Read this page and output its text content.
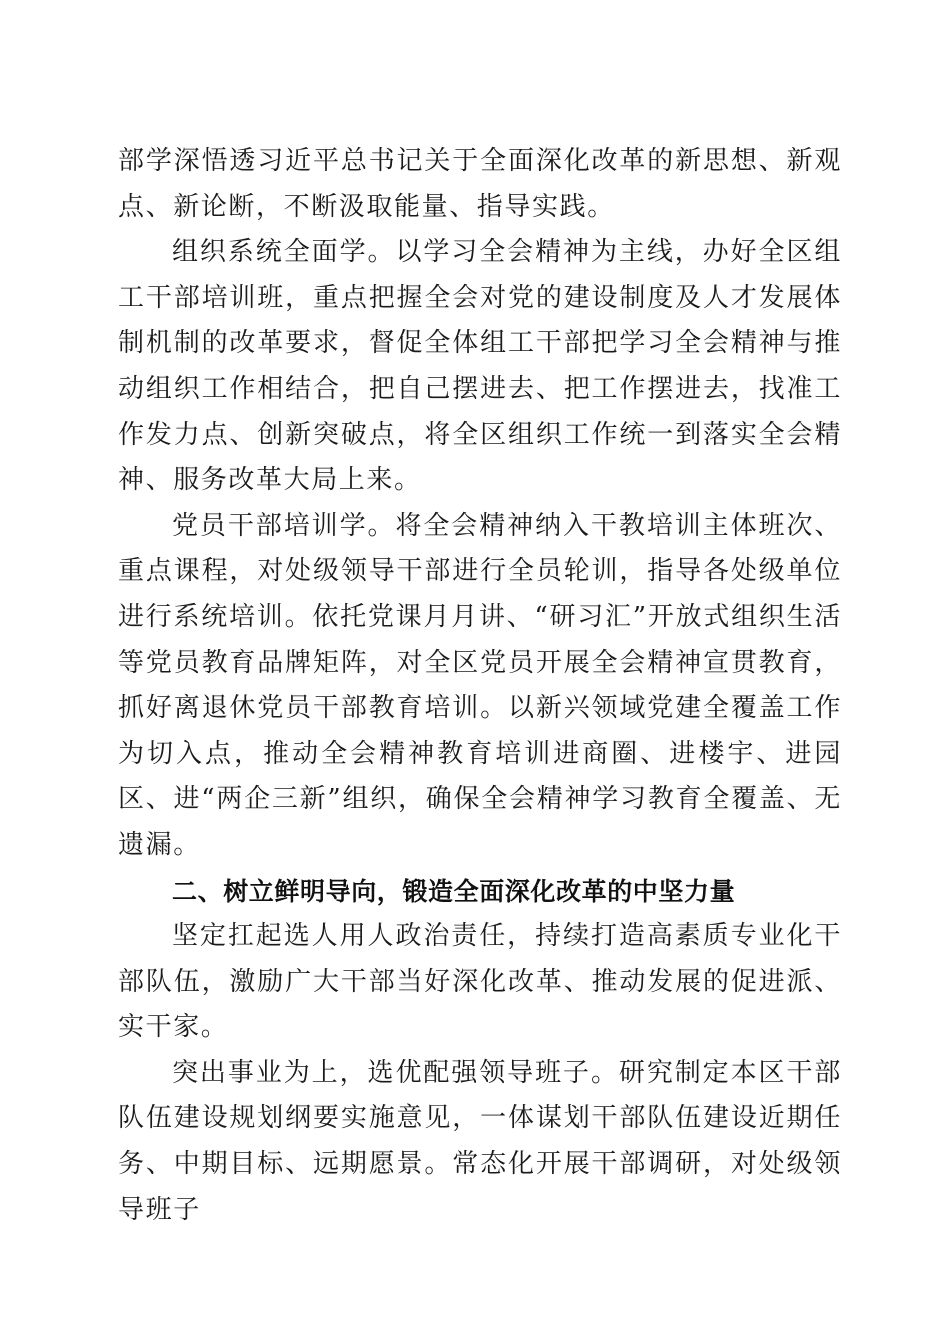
部学深悟透习近平总书记关于全面深化改革的新思想、新观点、新论断，不断汲取能量、指导实践。

组织系统全面学。以学习全会精神为主线，办好全区组工干部培训班，重点把握全会对党的建设制度及人才发展体制机制的改革要求，督促全体组工干部把学习全会精神与推动组织工作相结合，把自己摆进去、把工作摆进去，找准工作发力点、创新突破点，将全区组织工作统一到落实全会精神、服务改革大局上来。

党员干部培训学。将全会精神纳入干教培训主体班次、重点课程，对处级领导干部进行全员轮训，指导各处级单位进行系统培训。依托党课月月讲、“研习汇”开放式组织生活等党员教育品牌矩阵，对全区党员开展全会精神宣贯教育，抓好离退休党员干部教育培训。以新兴领域党建全覆盖工作为切入点，推动全会精神教育培训进商圈、进楼宇、进园区、进“两企三新”组织，确保全会精神学习教育全覆盖、无遗漏。

二、树立鲜明导向，锻造全面深化改革的中坚力量

坚定扛起选人用人政治责任，持续打造高素质专业化干部队伍，激励广大干部当好深化改革、推动发展的促进派、实干家。

突出事业为上，选优配强领导班子。研究制定本区干部队伍建设规划纲要实施意见，一体谋划干部队伍建设近期任务、中期目标、远期愿景。常态化开展干部调研，对处级领导班子
